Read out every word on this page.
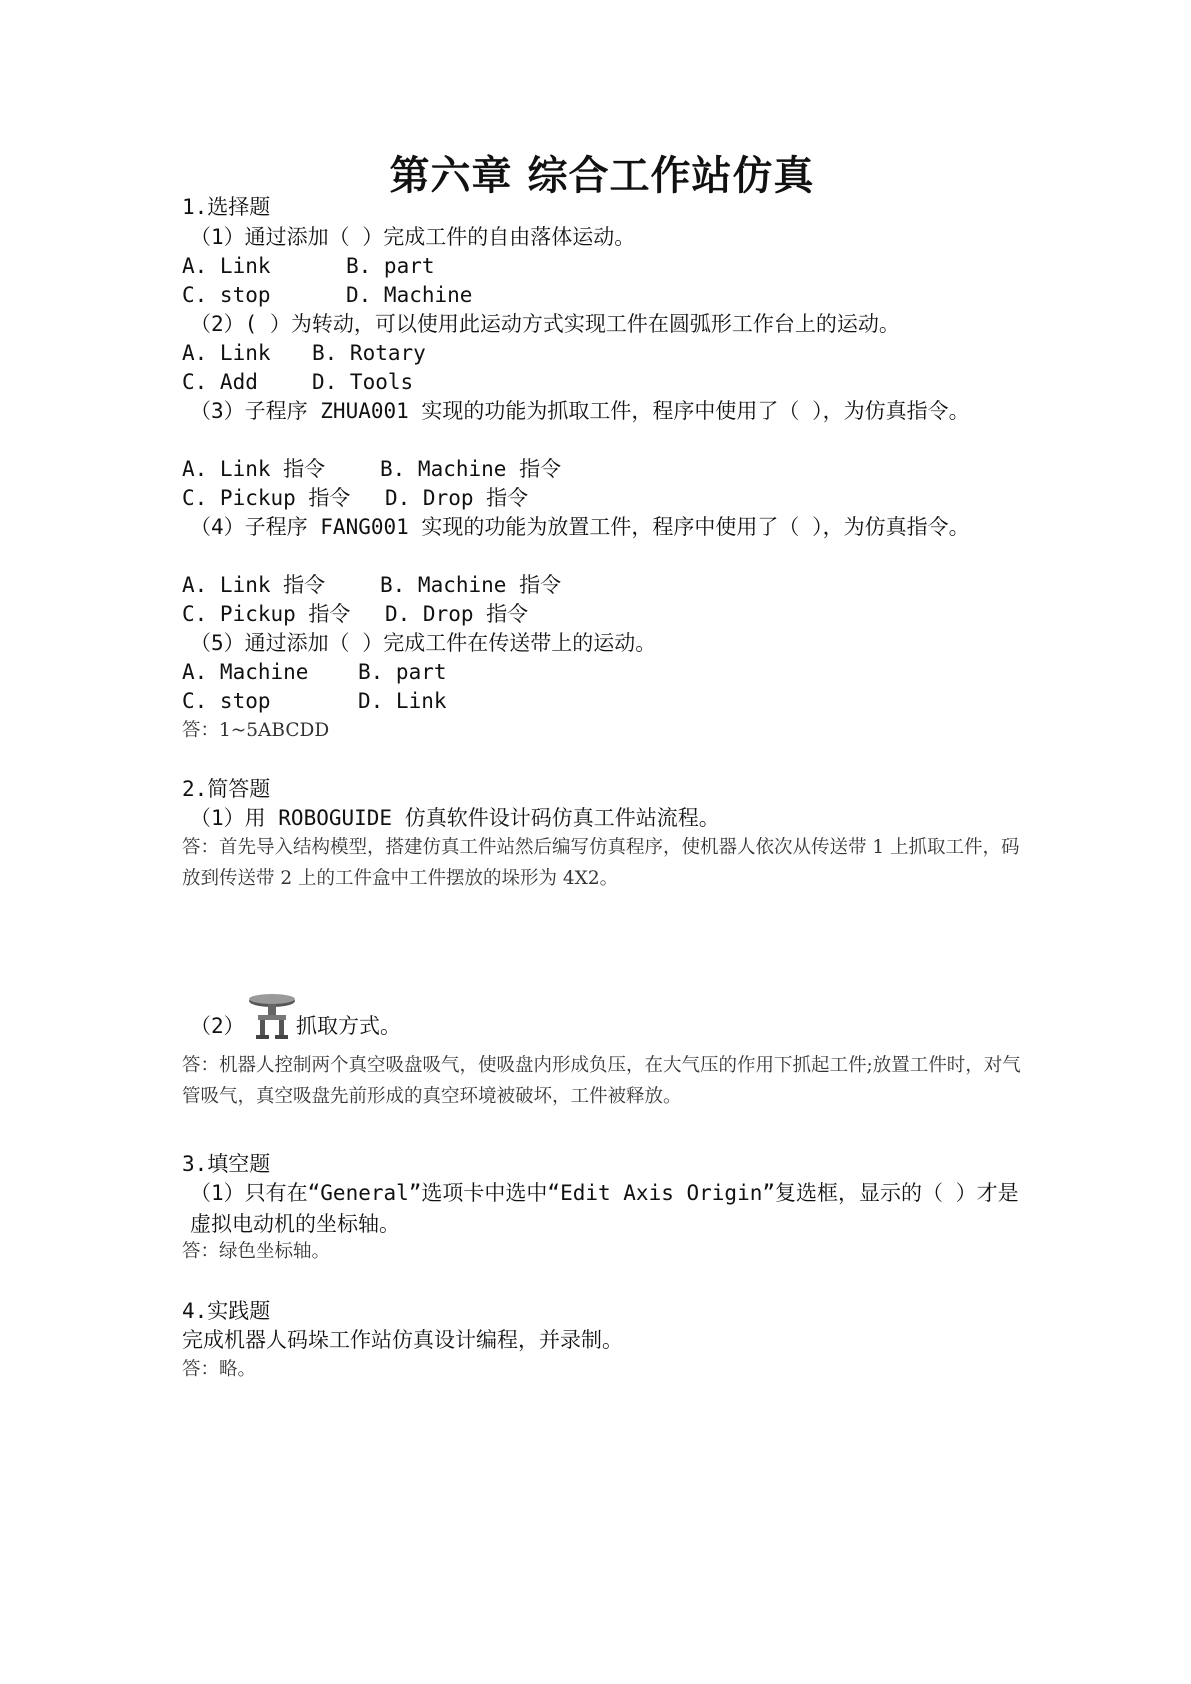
第六章 综合工作站仿真
1.选择题
（1）通过添加（ ）完成工件的自由落体运动。
A. Link	B. part
C. stop	D. Machine
（2）( ）为转动，可以使用此运动方式实现工件在圆弧形工作台上的运动。
A. Link B. Rotary
C. Add	D. Tools
（3）子程序 ZHUA001 实现的功能为抓取工件，程序中使用了（ ），为仿真指令。
A. Link 指令	B. Machine 指令
C. Pickup 指令 D. Drop 指令
（4）子程序 FANG001 实现的功能为放置工件，程序中使用了（ ），为仿真指令。
A. Link 指令	B. Machine 指令
C. Pickup 指令 D. Drop 指令
（5）通过添加（ ）完成工件在传送带上的运动。
A. Machine B. part
C. stop	D. Link
答：1~5ABCDD
2.简答题
（1）用 ROBOGUIDE 仿真软件设计码仿真工件站流程。
答：首先导入结构模型，搭建仿真工件站然后编写仿真程序，使机器人依次从传送带 1 上抓取工件，码放到传送带 2 上的工件盒中工件摆放的垛形为 4X2。
（2） 抓取方式。
答：机器人控制两个真空吸盘吸气，使吸盘内形成负压，在大气压的作用下抓起工件;放置工件时，对气管吸气，真空吸盘先前形成的真空环境被破坏，工件被释放。
3.填空题
（1）只有在“General”选项卡中选中“Edit Axis Origin”复选框，显示的（ ）才是虚拟电动机的坐标轴。
答：绿色坐标轴。
4.实践题
完成机器人码垛工作站仿真设计编程，并录制。
答：略。
